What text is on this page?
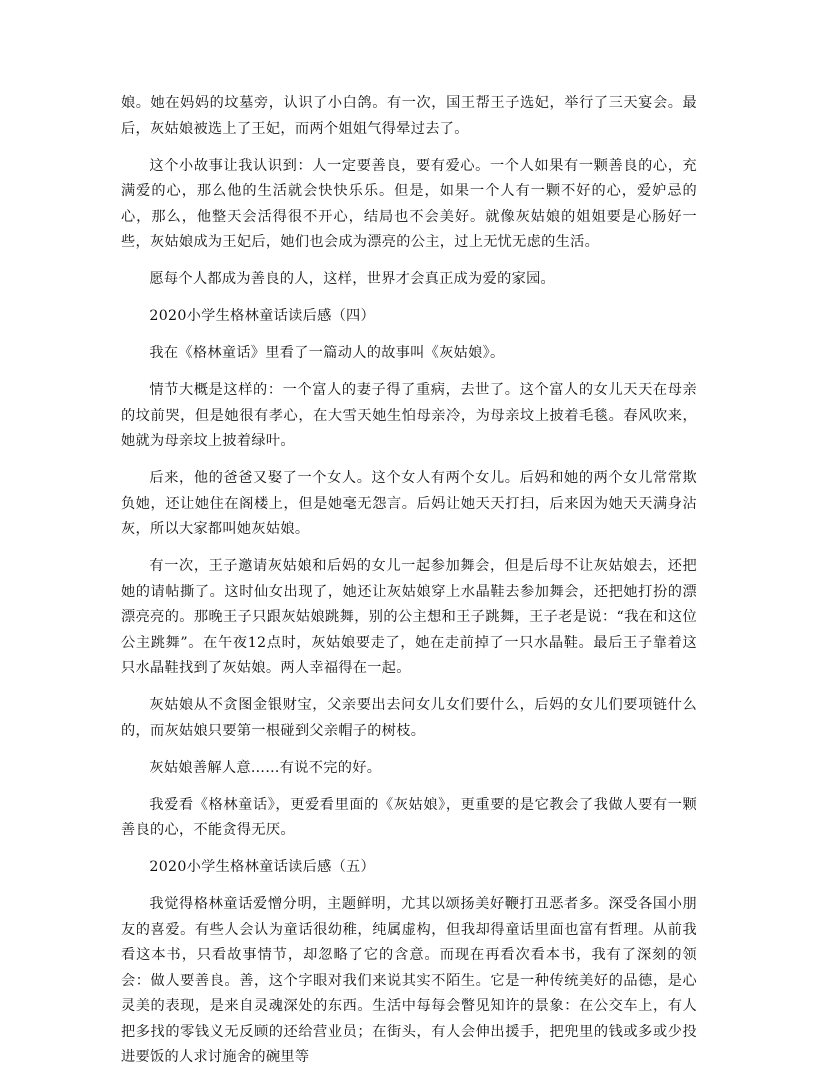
娘。她在妈妈的坟墓旁，认识了小白鸽。有一次，国王帮王子选妃，举行了三天宴会。最后，灰姑娘被选上了王妃，而两个姐姐气得晕过去了。

这个小故事让我认识到：人一定要善良，要有爱心。一个人如果有一颗善良的心，充满爱的心，那么他的生活就会快快乐乐。但是，如果一个人有一颗不好的心，爱妒忌的心，那么，他整天会活得很不开心，结局也不会美好。就像灰姑娘的姐姐要是心肠好一些，灰姑娘成为王妃后，她们也会成为漂亮的公主，过上无忧无虑的生活。

愿每个人都成为善良的人，这样，世界才会真正成为爱的家园。

2020小学生格林童话读后感（四）

我在《格林童话》里看了一篇动人的故事叫《灰姑娘》。

情节大概是这样的：一个富人的妻子得了重病，去世了。这个富人的女儿天天在母亲的坟前哭，但是她很有孝心，在大雪天她生怕母亲冷，为母亲坟上披着毛毯。春风吹来，她就为母亲坟上披着绿叶。

后来，他的爸爸又娶了一个女人。这个女人有两个女儿。后妈和她的两个女儿常常欺负她，还让她住在阁楼上，但是她毫无怨言。后妈让她天天打扫，后来因为她天天满身沾灰，所以大家都叫她灰姑娘。

有一次，王子邀请灰姑娘和后妈的女儿一起参加舞会，但是后母不让灰姑娘去，还把她的请帖撕了。这时仙女出现了，她还让灰姑娘穿上水晶鞋去参加舞会，还把她打扮的漂漂亮亮的。那晚王子只跟灰姑娘跳舞，别的公主想和王子跳舞，王子老是说：“我在和这位公主跳舞”。在午夜12点时，灰姑娘要走了，她在走前掉了一只水晶鞋。最后王子靠着这只水晶鞋找到了灰姑娘。两人幸福得在一起。

灰姑娘从不贪图金银财宝，父亲要出去问女儿女们要什么，后妈的女儿们要项链什么的，而灰姑娘只要第一根碰到父亲帽子的树枝。

灰姑娘善解人意……有说不完的好。

我爱看《格林童话》，更爱看里面的《灰姑娘》，更重要的是它教会了我做人要有一颗善良的心，不能贪得无厌。

2020小学生格林童话读后感（五）

我觉得格林童话爱憎分明，主题鲜明，尤其以颂扬美好鞭打丑恶者多。深受各国小朋友的喜爱。有些人会认为童话很幼稚，纯属虚构，但我却得童话里面也富有哲理。从前我看这本书，只看故事情节，却忽略了它的含意。而现在再看次看本书，我有了深刻的领会：做人要善良。善，这个字眼对我们来说其实不陌生。它是一种传统美好的品德，是心灵美的表现，是来自灵魂深处的东西。生活中每每会瞥见知许的景象：在公交车上，有人把多找的零钱义无反顾的还给营业员；在街头，有人会伸出援手，把兜里的钱或多或少投进要饭的人求讨施舍的碗里等
